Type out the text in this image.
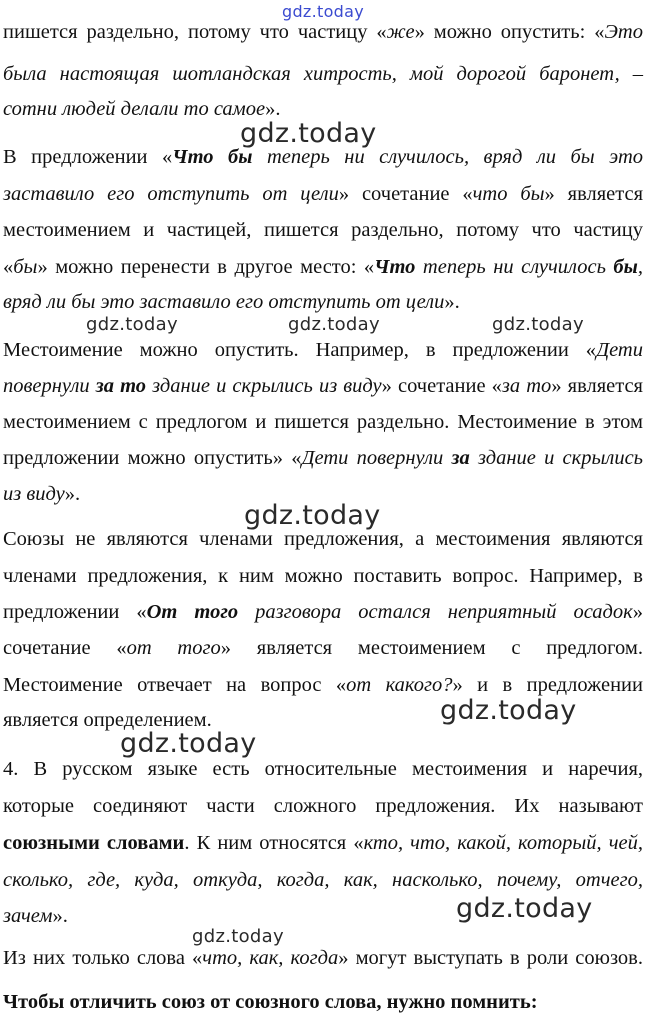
gdz.today
пишется раздельно, потому что частицу «же» можно опустить: «Это
была настоящая шотландская хитрость, мой дорогой баронет, –
сотни людей делали то самое».
gdz.today
В предложении «Что бы теперь ни случилось, вряд ли бы это
заставило его отступить от цели» сочетание «что бы» является
местоимением и частицей, пишется раздельно, потому что частицу
«бы» можно перенести в другое место: «Что теперь ни случилось бы,
вряд ли бы это заставило его отступить от цели».
gdz.today	gdz.today	gdz.today
Местоимение можно опустить. Например, в предложении «Дети
повернули за то здание и скрылись из виду» сочетание «за то» является
местоимением с предлогом и пишется раздельно. Местоимение в этом
предложении можно опустить» «Дети повернули за здание и скрылись
из виду».
gdz.today
Союзы не являются членами предложения, а местоимения являются
членами предложения, к ним можно поставить вопрос. Например, в
предложении «От того разговора остался неприятный осадок»
сочетание «от того» является местоимением с предлогом.
Местоимение отвечает на вопрос «от какого?» и в предложении
является определением.	gdz.today
gdz.today
4. В русском языке есть относительные местоимения и наречия,
которые соединяют части сложного предложения. Их называют
союзными словами. К ним относятся «кто, что, какой, который, чей,
сколько, где, куда, откуда, когда, как, насколько, почему, отчего,
зачем».	gdz.today
gdz.today
Из них только слова «что, как, когда» могут выступать в роли союзов.
Чтобы отличить союз от союзного слова, нужно помнить:
